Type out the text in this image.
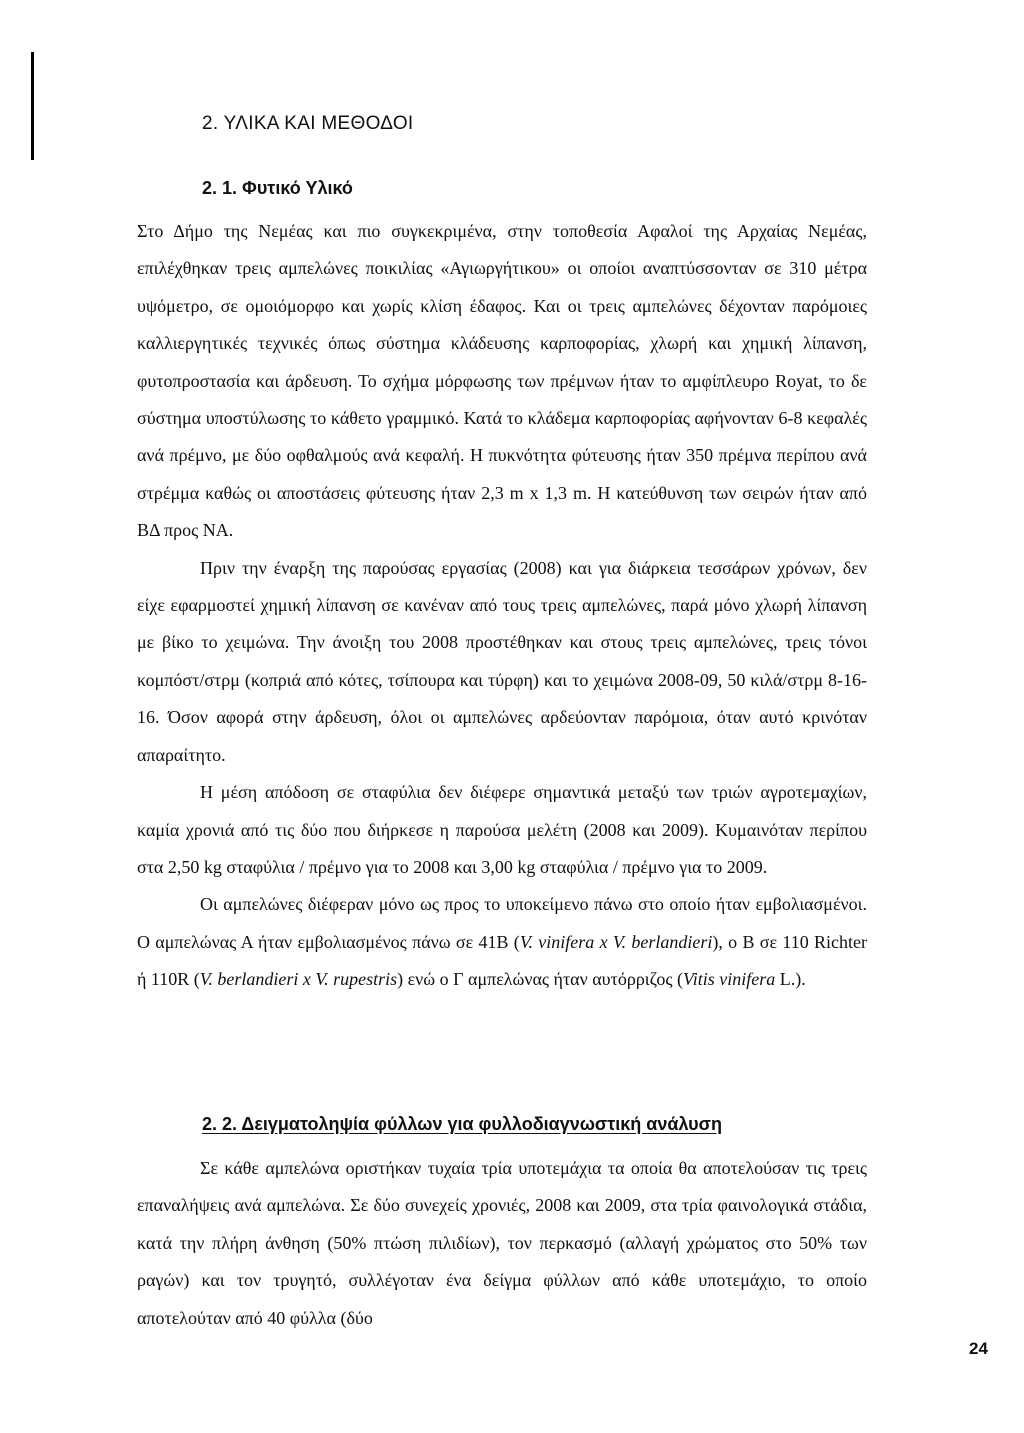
2. ΥΛΙΚΑ ΚΑΙ ΜΕΘΟΔΟΙ
2. 1. Φυτικό Υλικό

Στο Δήμο της Νεμέας και πιο συγκεκριμένα, στην τοποθεσία Αφαλοί της Αρχαίας Νεμέας, επιλέχθηκαν τρεις αμπελώνες ποικιλίας «Αγιωργήτικου» οι οποίοι αναπτύσσονταν σε 310 μέτρα υψόμετρο, σε ομοιόμορφο και χωρίς κλίση έδαφος. Και οι τρεις αμπελώνες δέχονταν παρόμοιες καλλιεργητικές τεχνικές όπως σύστημα κλάδευσης καρποφορίας, χλωρή και χημική λίπανση, φυτοπροστασία και άρδευση. Το σχήμα μόρφωσης των πρέμνων ήταν το αμφίπλευρο Royat, το δε σύστημα υποστύλωσης το κάθετο γραμμικό. Κατά το κλάδεμα καρποφορίας αφήνονταν 6-8 κεφαλές ανά πρέμνο, με δύο οφθαλμούς ανά κεφαλή. Η πυκνότητα φύτευσης ήταν 350 πρέμνα περίπου ανά στρέμμα καθώς οι αποστάσεις φύτευσης ήταν 2,3 m x 1,3 m. Η κατεύθυνση των σειρών ήταν από ΒΔ προς ΝΑ.

Πριν την έναρξη της παρούσας εργασίας (2008) και για διάρκεια τεσσάρων χρόνων, δεν είχε εφαρμοστεί χημική λίπανση σε κανέναν από τους τρεις αμπελώνες, παρά μόνο χλωρή λίπανση με βίκο το χειμώνα. Την άνοιξη του 2008 προστέθηκαν και στους τρεις αμπελώνες, τρεις τόνοι κομπόστ/στρμ (κοπριά από κότες, τσίπουρα και τύρφη) και το χειμώνα 2008-09, 50 κιλά/στρμ 8-16-16. Όσον αφορά στην άρδευση, όλοι οι αμπελώνες αρδεύονταν παρόμοια, όταν αυτό κρινόταν απαραίτητο.

Η μέση απόδοση σε σταφύλια δεν διέφερε σημαντικά μεταξύ των τριών αγροτεμαχίων, καμία χρονιά από τις δύο που διήρκεσε η παρούσα μελέτη (2008 και 2009). Κυμαινόταν περίπου στα 2,50 kg σταφύλια / πρέμνο για το 2008 και 3,00 kg σταφύλια / πρέμνο για το 2009.

Οι αμπελώνες διέφεραν μόνο ως προς το υποκείμενο πάνω στο οποίο ήταν εμβολιασμένοι. Ο αμπελώνας Α ήταν εμβολιασμένος πάνω σε 41Β (V. vinifera x V. berlandieri), ο Β σε 110 Richter ή 110R (V. berlandieri x V. rupestris) ενώ ο Γ αμπελώνας ήταν αυτόρριζος (Vitis vinifera L.).

2. 2. Δειγματοληψία φύλλων για φυλλοδιαγνωστική ανάλυση

Σε κάθε αμπελώνα οριστήκαν τυχαία τρία υποτεμάχια τα οποία θα αποτελούσαν τις τρεις επαναλήψεις ανά αμπελώνα. Σε δύο συνεχείς χρονιές, 2008 και 2009, στα τρία φαινολογικά στάδια, κατά την πλήρη άνθηση (50% πτώση πιλιδίων), τον περκασμό (αλλαγή χρώματος στο 50% των ραγών) και τον τρυγητό, συλλέγοταν ένα δείγμα φύλλων από κάθε υποτεμάχιο, το οποίο αποτελούταν από 40 φύλλα (δύο

24
